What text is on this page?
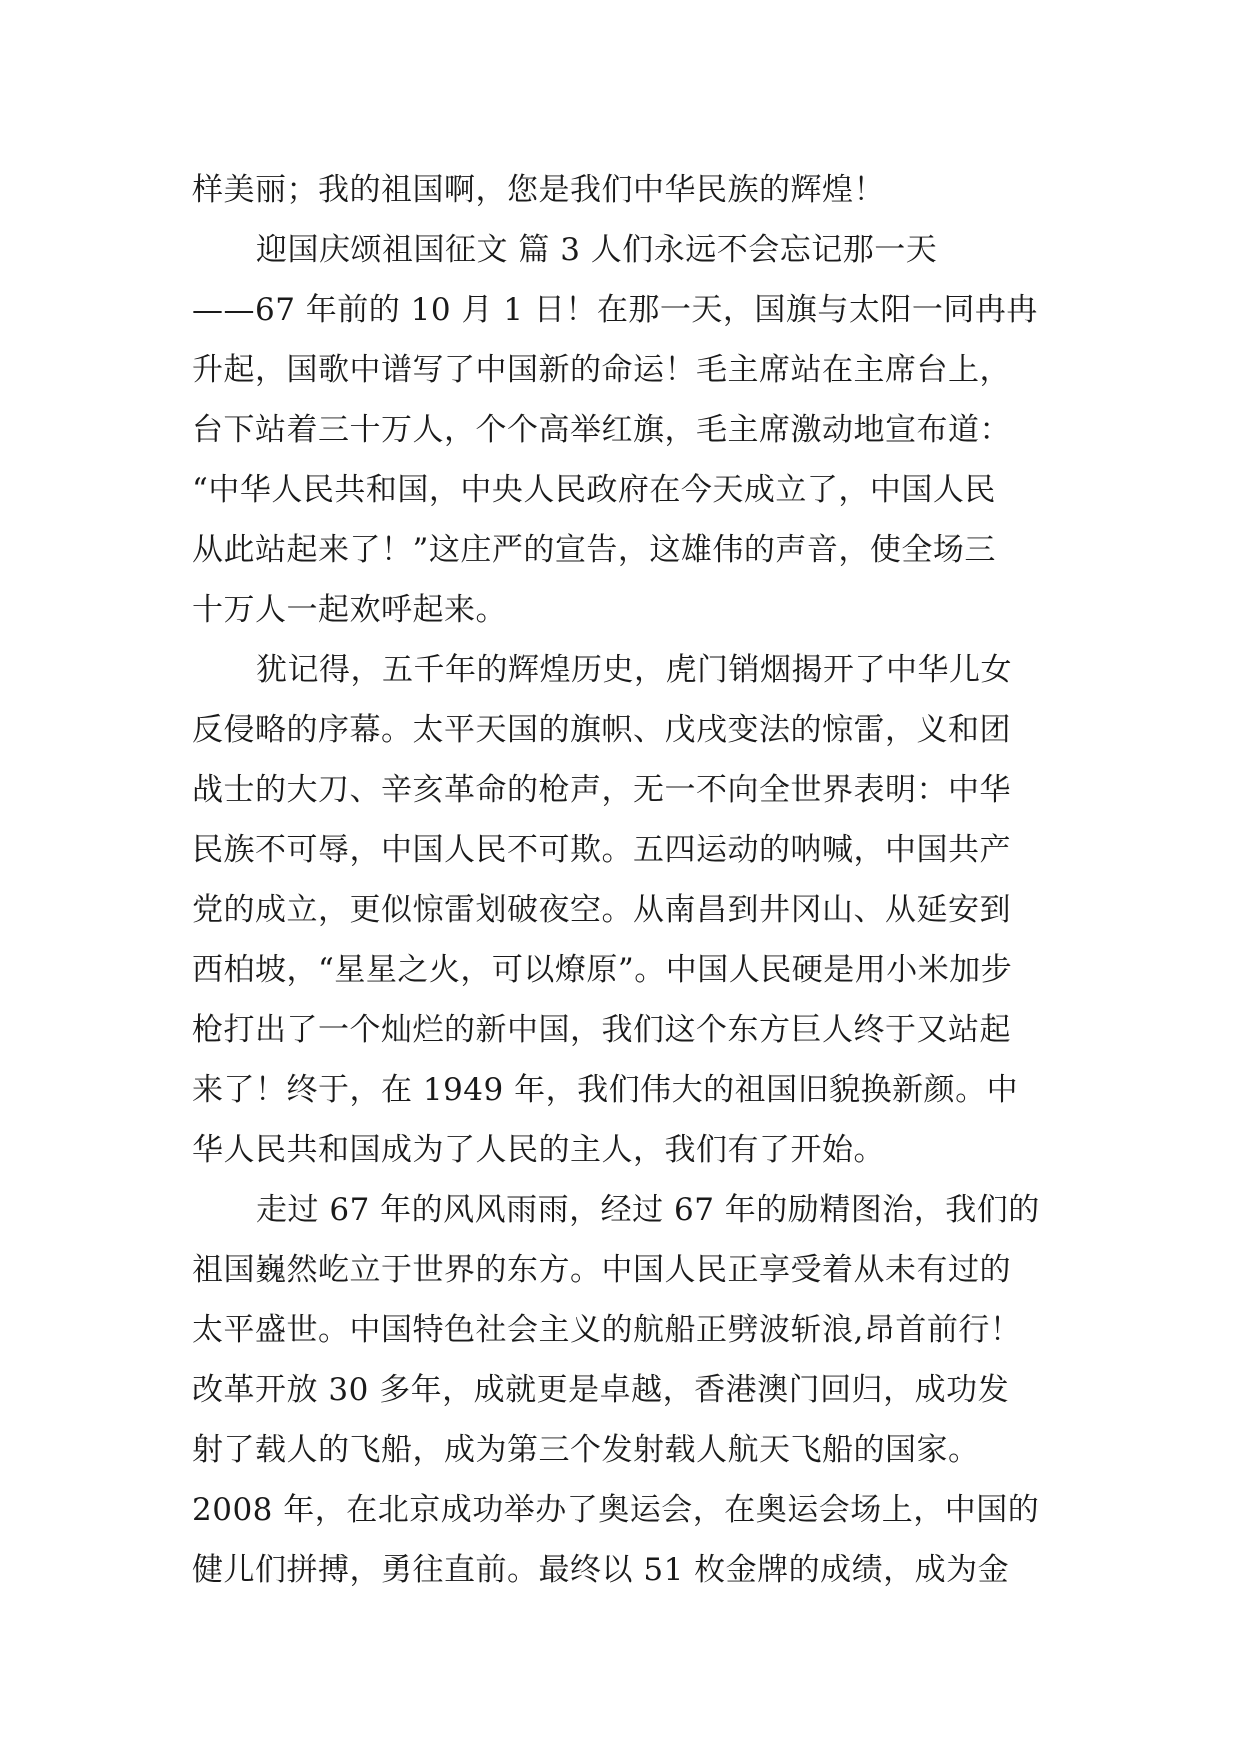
样美丽；我的祖国啊，您是我们中华民族的辉煌！
迎国庆颂祖国征文 篇 3 人们永远不会忘记那一天
——67 年前的 10 月 1 日！在那一天，国旗与太阳一同冉冉
升起，国歌中谱写了中国新的命运！毛主席站在主席台上，
台下站着三十万人，个个高举红旗，毛主席激动地宣布道：
“中华人民共和国，中央人民政府在今天成立了，中国人民
从此站起来了！”这庄严的宣告，这雄伟的声音，使全场三
十万人一起欢呼起来。
犹记得，五千年的辉煌历史，虎门销烟揭开了中华儿女
反侵略的序幕。太平天国的旗帜、戊戌变法的惊雷，义和团
战士的大刀、辛亥革命的枪声，无一不向全世界表明：中华
民族不可辱，中国人民不可欺。五四运动的呐喊，中国共产
党的成立，更似惊雷划破夜空。从南昌到井冈山、从延安到
西柏坡，“星星之火，可以燎原”。中国人民硬是用小米加步
枪打出了一个灿烂的新中国，我们这个东方巨人终于又站起
来了！终于，在 1949 年，我们伟大的祖国旧貌换新颜。中
华人民共和国成为了人民的主人，我们有了开始。
走过 67 年的风风雨雨，经过 67 年的励精图治，我们的
祖国巍然屹立于世界的东方。中国人民正享受着从未有过的
太平盛世。中国特色社会主义的航船正劈波斩浪,昂首前行！
改革开放 30 多年，成就更是卓越，香港澳门回归，成功发
射了载人的飞船，成为第三个发射载人航天飞船的国家。
2008 年，在北京成功举办了奥运会，在奥运会场上，中国的
健儿们拼搏，勇往直前。最终以 51 枚金牌的成绩，成为金
